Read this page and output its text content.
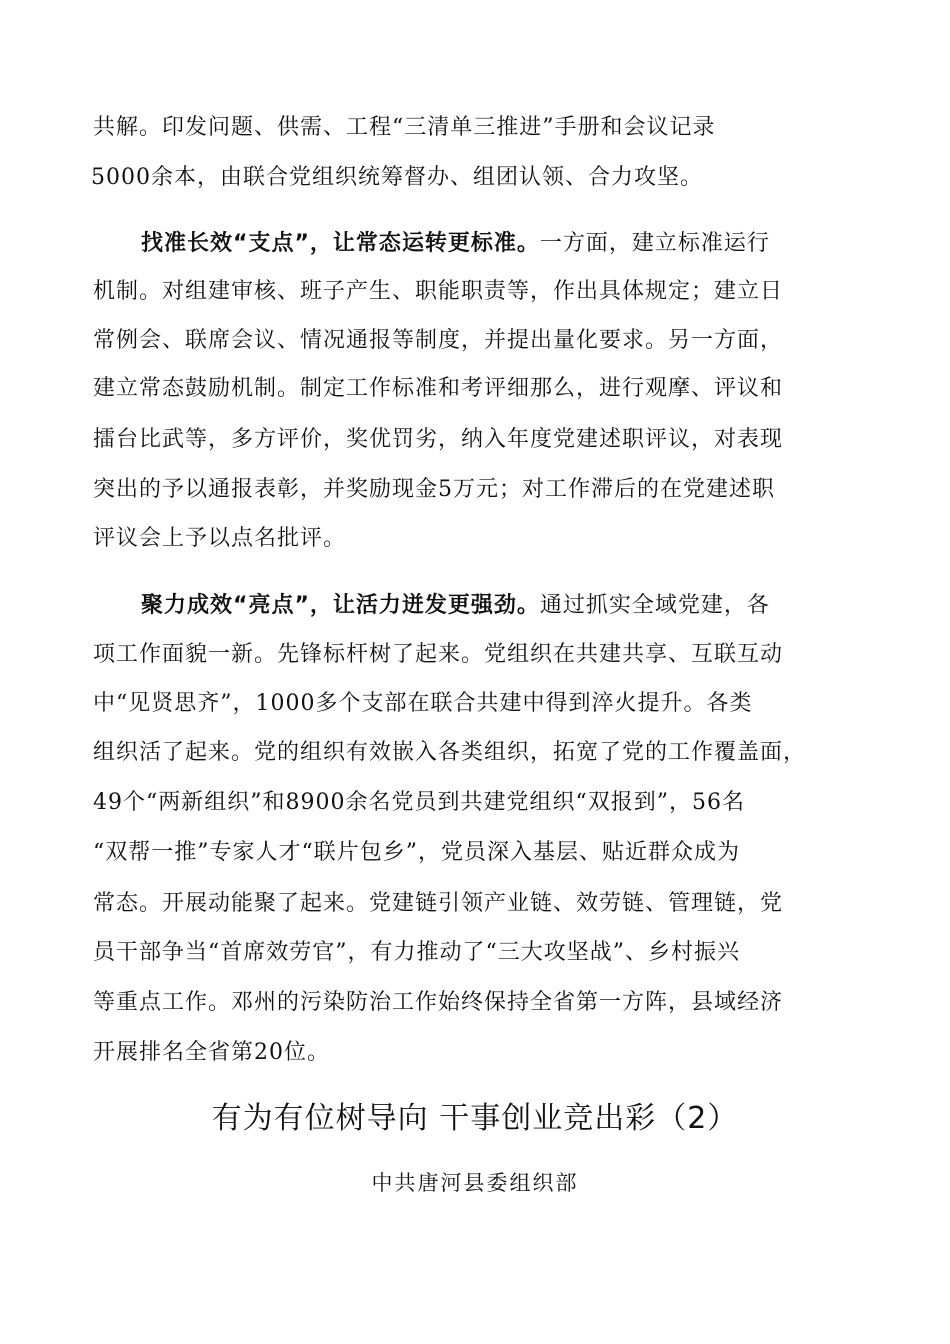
共解。印发问题、供需、工程“三清单三推进”手册和会议记录
5000余本，由联合党组织统筹督办、组团认领、合力攻坚。
找准长效“支点”，让常态运转更标准。一方面，建立标准运行
机制。对组建审核、班子产生、职能职责等，作出具体规定；建立日
常例会、联席会议、情况通报等制度，并提出量化要求。另一方面，
建立常态鼓励机制。制定工作标准和考评细那么，进行观摩、评议和
擂台比武等，多方评价，奖优罚劣，纳入年度党建述职评议，对表现
突出的予以通报表彰，并奖励现金5万元；对工作滞后的在党建述职
评议会上予以点名批评。
聚力成效“亮点”，让活力迸发更强劲。通过抓实全域党建，各
项工作面貌一新。先锋标杆树了起来。党组织在共建共享、互联互动
中“见贤思齐”，1000多个支部在联合共建中得到淬火提升。各类
组织活了起来。党的组织有效嵌入各类组织，拓宽了党的工作覆盖面，
49个“两新组织”和8900余名党员到共建党组织“双报到”，56名
“双帮一推”专家人才“联片包乡”，党员深入基层、贴近群众成为
常态。开展动能聚了起来。党建链引领产业链、效劳链、管理链，党
员干部争当“首席效劳官”，有力推动了“三大攻坚战”、乡村振兴
等重点工作。邓州的污染防治工作始终保持全省第一方阵，县域经济
开展排名全省第20位。
有为有位树导向 干事创业竞出彩（2）
中共唐河县委组织部
